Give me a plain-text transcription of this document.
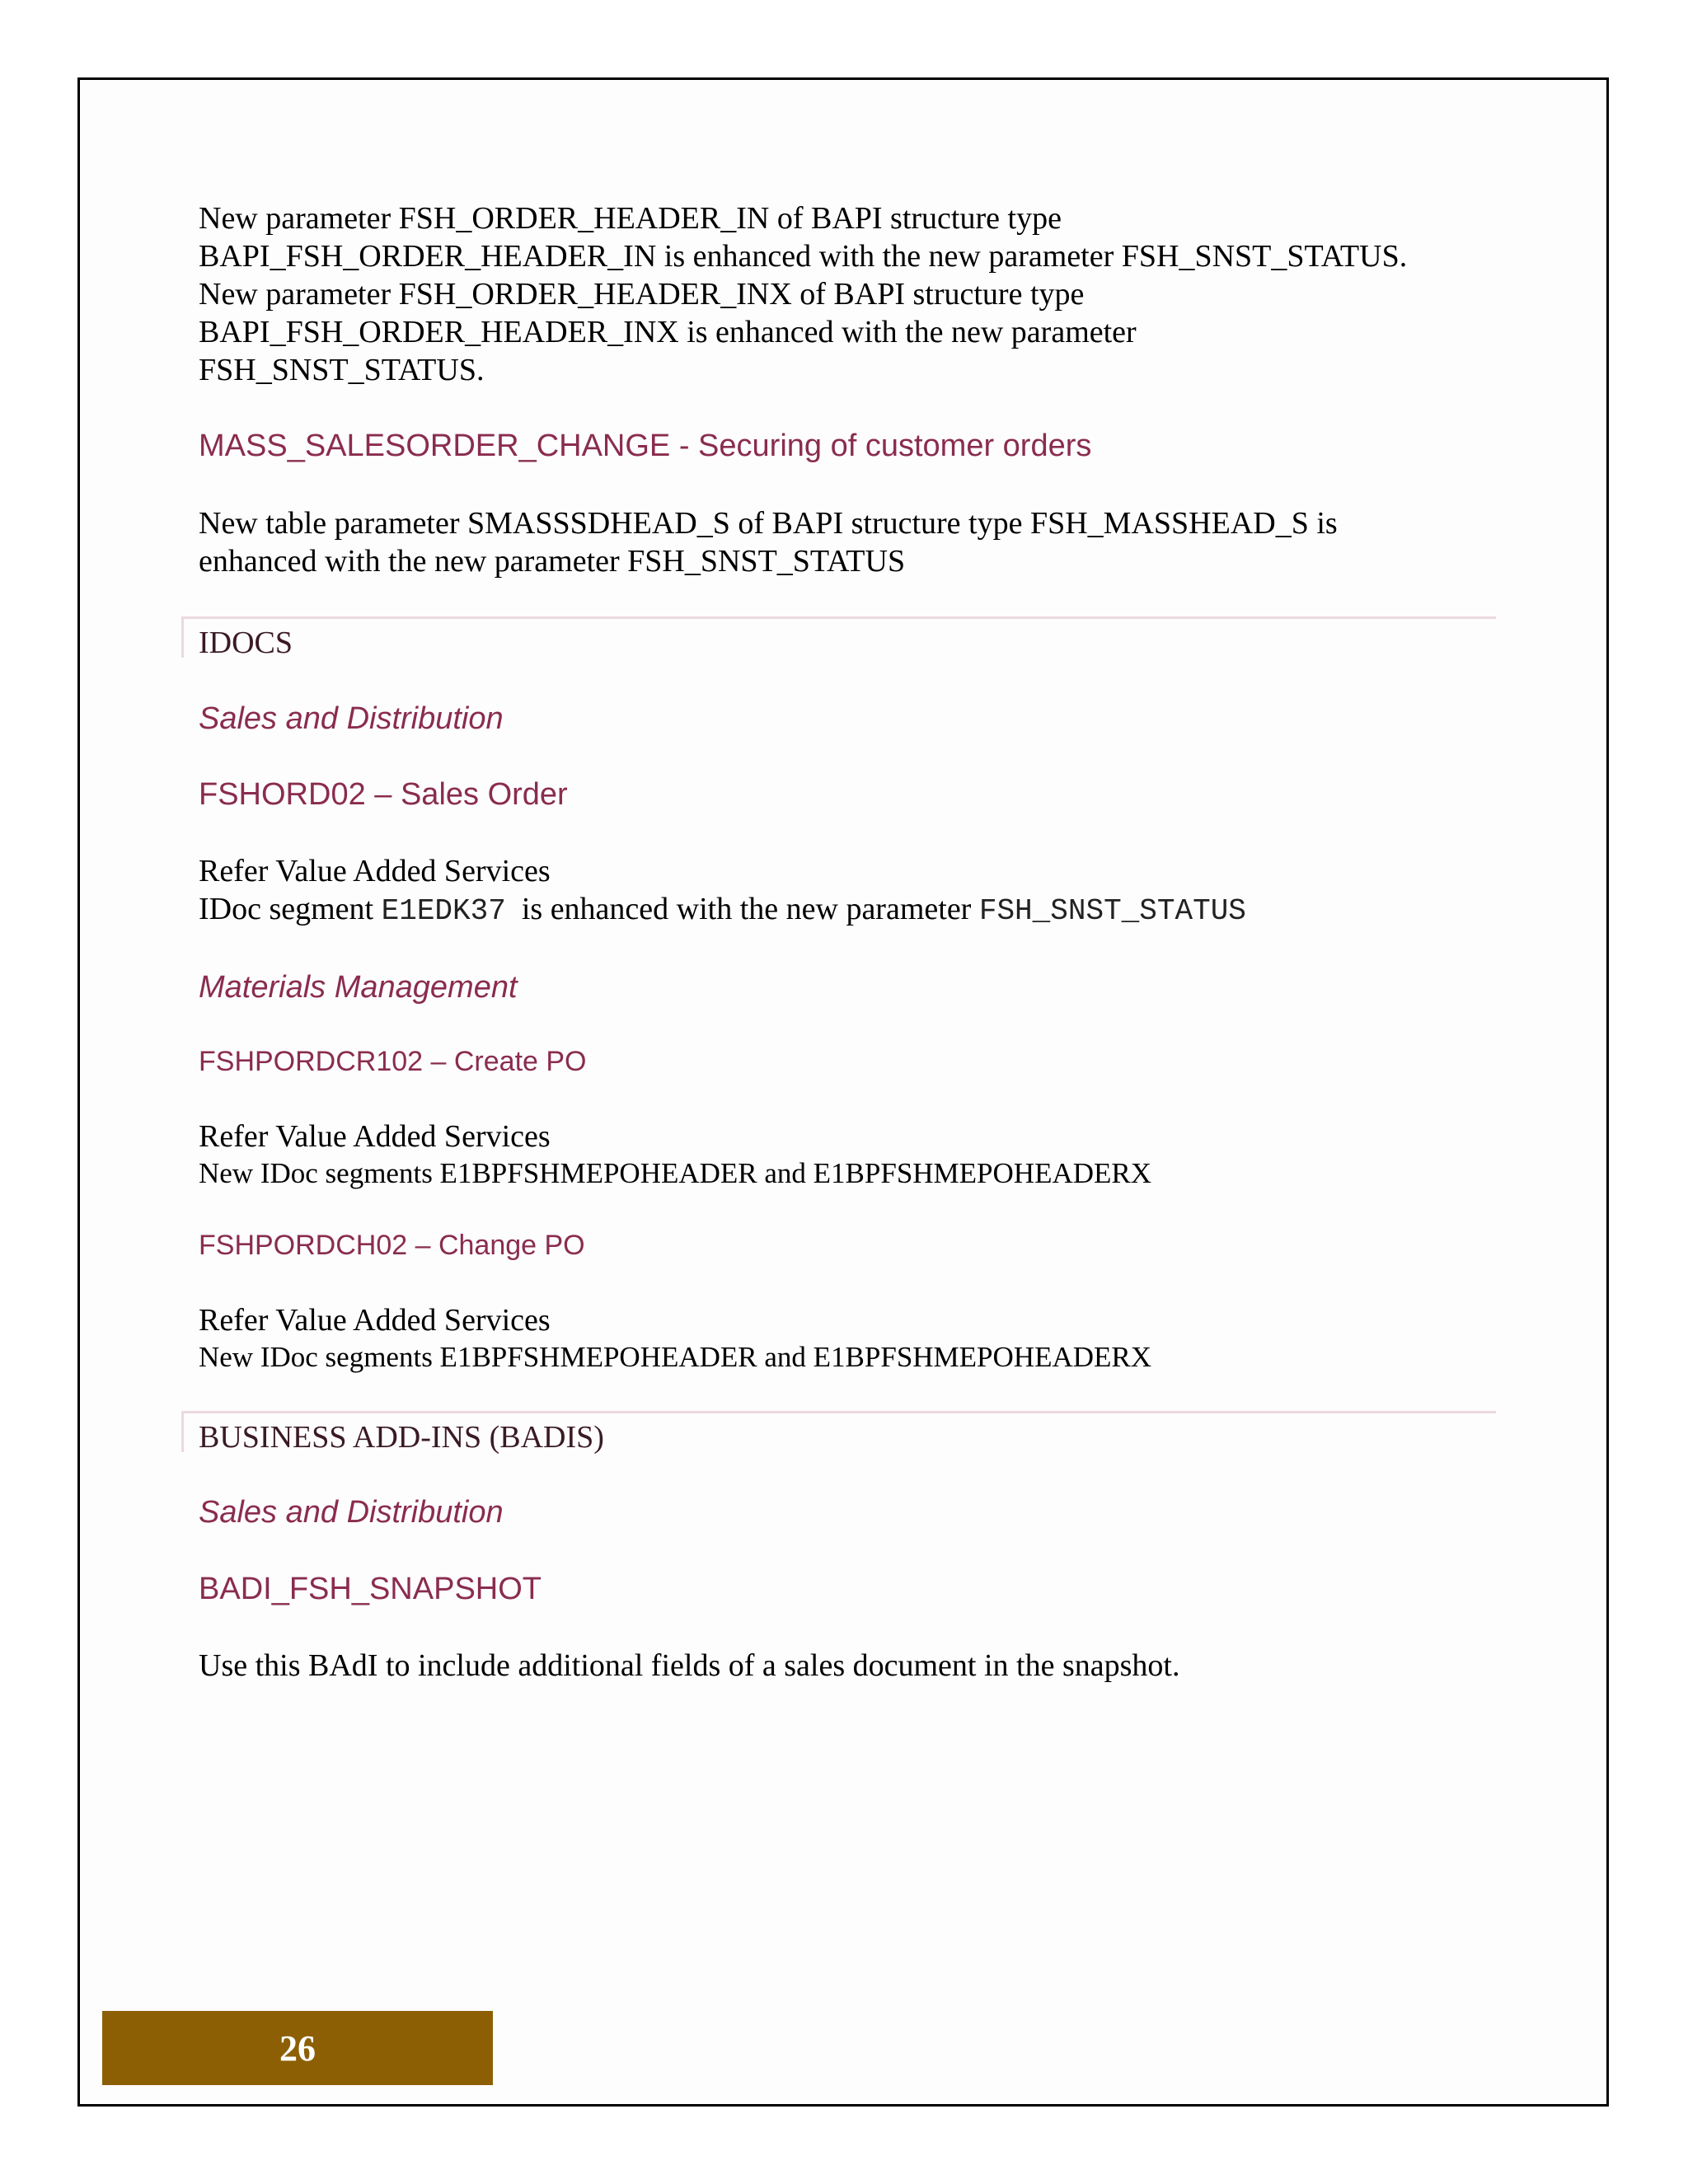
New parameter FSH_ORDER_HEADER_IN of BAPI structure type
BAPI_FSH_ORDER_HEADER_IN is enhanced with the new parameter FSH_SNST_STATUS.
New parameter FSH_ORDER_HEADER_INX of BAPI structure type
BAPI_FSH_ORDER_HEADER_INX is enhanced with the new parameter
FSH_SNST_STATUS.
MASS_SALESORDER_CHANGE - Securing of customer orders
New table parameter SMASSSDHEAD_S of BAPI structure type FSH_MASSHEAD_S is
enhanced with the new parameter FSH_SNST_STATUS
IDOCS
Sales and Distribution
FSHORD02 – Sales Order
Refer Value Added Services
IDoc segment E1EDK37 is enhanced with the new parameter FSH_SNST_STATUS
Materials Management
FSHPORDCR102 – Create PO
Refer Value Added Services
New IDoc segments E1BPFSHMEPOHEADER and E1BPFSHMEPOHEADERX
FSHPORDCH02 – Change PO
Refer Value Added Services
New IDoc segments E1BPFSHMEPOHEADER and E1BPFSHMEPOHEADERX
BUSINESS ADD-INS (BADIS)
Sales and Distribution
BADI_FSH_SNAPSHOT
Use this BAdI to include additional fields of a sales document in the snapshot.
26
